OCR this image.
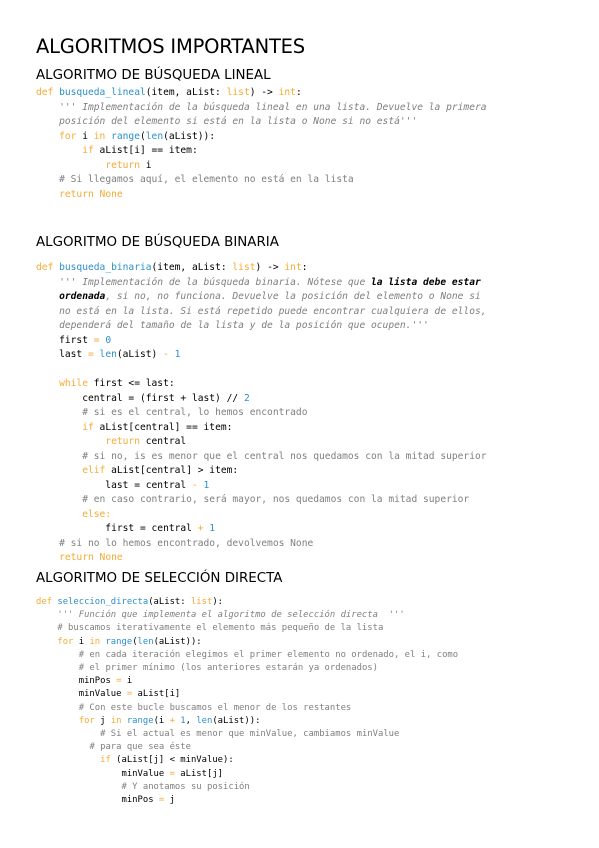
ALGORITMOS IMPORTANTES
ALGORITMO DE BÚSQUEDA LINEAL
def busqueda_lineal(item, aList: list) -> int:
''' Implementación de la búsqueda lineal en una lista. Devuelve la primera
posición del elemento si está en la lista o None si no está'''
for i in range(len(aList)):
if aList[i] == item:
return i
# Si llegamos aquí, el elemento no está en la lista
return None
ALGORITMO DE BÚSQUEDA BINARIA
def busqueda_binaria(item, aList: list) -> int:
''' Implementación de la búsqueda binaria. Nótese que la lista debe estar
ordenada, si no, no funciona. Devuelve la posición del elemento o None si
no está en la lista. Si está repetido puede encontrar cualquiera de ellos,
dependerá del tamaño de la lista y de la posición que ocupen.'''
first = 0
last = len(aList) - 1

while first <= last:
central = (first + last) // 2
# si es el central, lo hemos encontrado
if aList[central] == item:
return central
# si no, is es menor que el central nos quedamos con la mitad superior
elif aList[central] > item:
last = central - 1
# en caso contrario, será mayor, nos quedamos con la mitad superior
else:
first = central + 1
# si no lo hemos encontrado, devolvemos None
return None
ALGORITMO DE SELECCIÓN DIRECTA
def seleccion_directa(aList: list):
''' Función que implementa el algoritmo de selección directa  '''
# buscamos iterativamente el elemento más pequeño de la lista
for i in range(len(aList)):
# en cada iteración elegimos el primer elemento no ordenado, el i, como
# el primer mínimo (los anteriores estarán ya ordenados)
minPos = i
minValue = aList[i]
# Con este bucle buscamos el menor de los restantes
for j in range(i + 1, len(aList)):
# Si el actual es menor que minValue, cambiamos minValue
# para que sea éste
if (aList[j] < minValue):
minValue = aList[j]
# Y anotamos su posición
minPos = j
